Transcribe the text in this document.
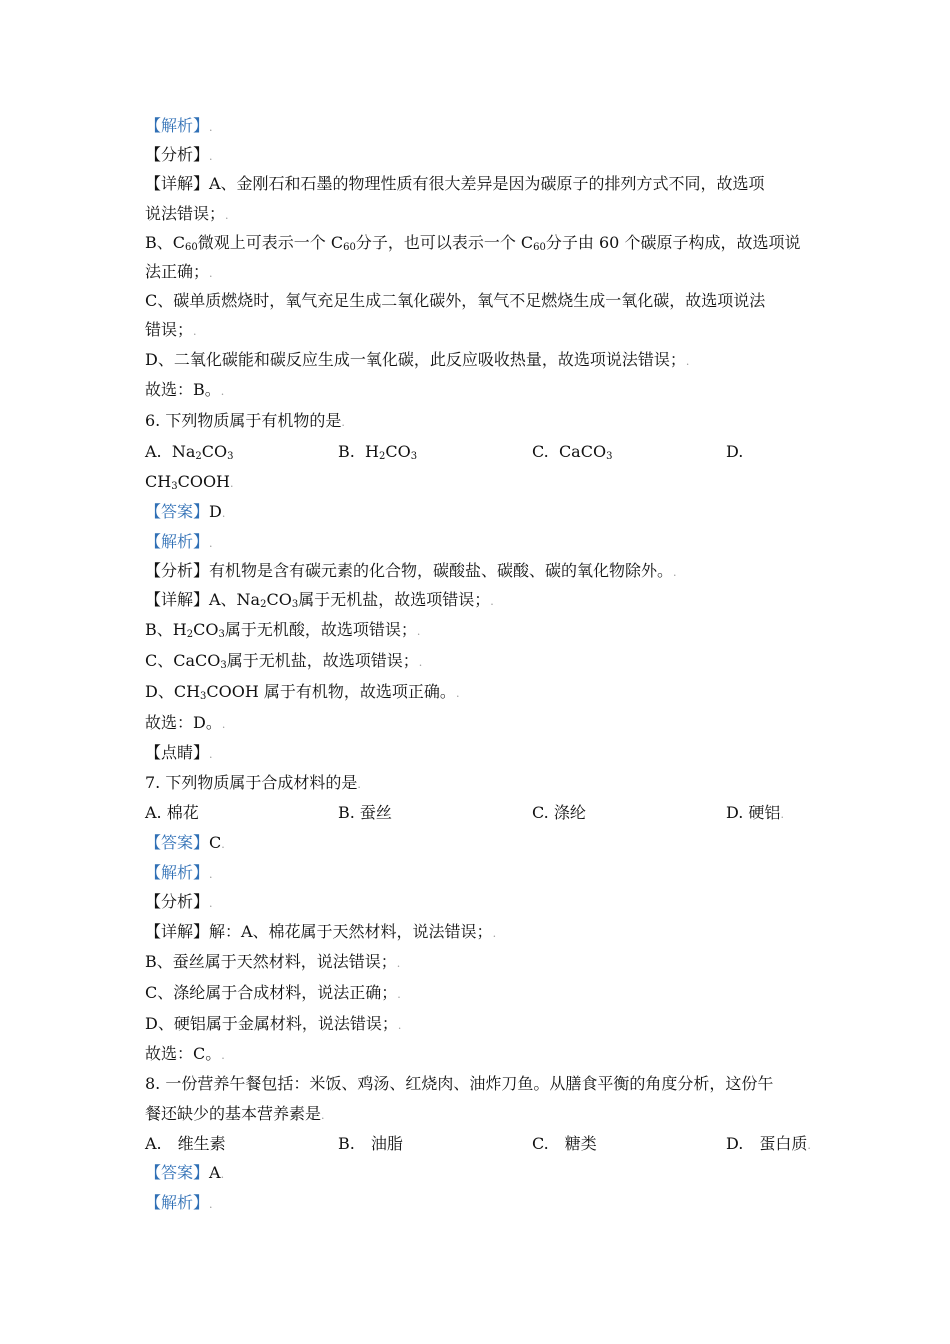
【解析】.
【分析】.
【详解】A、金刚石和石墨的物理性质有很大差异是因为碳原子的排列方式不同，故选项
说法错误；.
B、$C_{60}$微观上可表示一个 $C_{60}$分子，也可以表示一个 $C_{60}$分子由 60 个碳原子构成，故选项说
法正确；.
C、碳单质燃烧时，氧气充足生成二氧化碳外，氧气不足燃烧生成一氧化碳，故选项说法
错误；.
D、二氧化碳能和碳反应生成一氧化碳，此反应吸收热量，故选项说法错误；.
故选：B。.
6. 下列物质属于有机物的是.
A. $Na_2CO_3$	B. $H_2CO_3$	C. CaCO$_3$	D.
$CH_3COOH$.
【答案】D.
【解析】.
【分析】有机物是含有碳元素的化合物，碳酸盐、碳酸、碳的氧化物除外。.
【详解】A、$Na_2CO_3$属于无机盐，故选项错误；.
B、$H_2CO_3$属于无机酸，故选项错误；.
C、CaCO$_3$属于无机盐，故选项错误；.
D、$CH_3COOH$ 属于有机物，故选项正确。.
故选：D。.
【点睛】.
7. 下列物质属于合成材料的是.
A. 棉花	B. 蚕丝	C. 涤纶	D. 硬铝.
【答案】C.
【解析】.
【分析】.
【详解】解：A、棉花属于天然材料，说法错误；.
B、蚕丝属于天然材料，说法错误；.
C、涤纶属于合成材料，说法正确；.
D、硬铝属于金属材料，说法错误；.
故选：C。.
8. 一份营养午餐包括：米饭、鸡汤、红烧肉、油炸刀鱼。从膳食平衡的角度分析，这份午
餐还缺少的基本营养素是.
A.　维生素	B.　油脂	C.　糖类	D.　蛋白质.
【答案】A.
【解析】.
